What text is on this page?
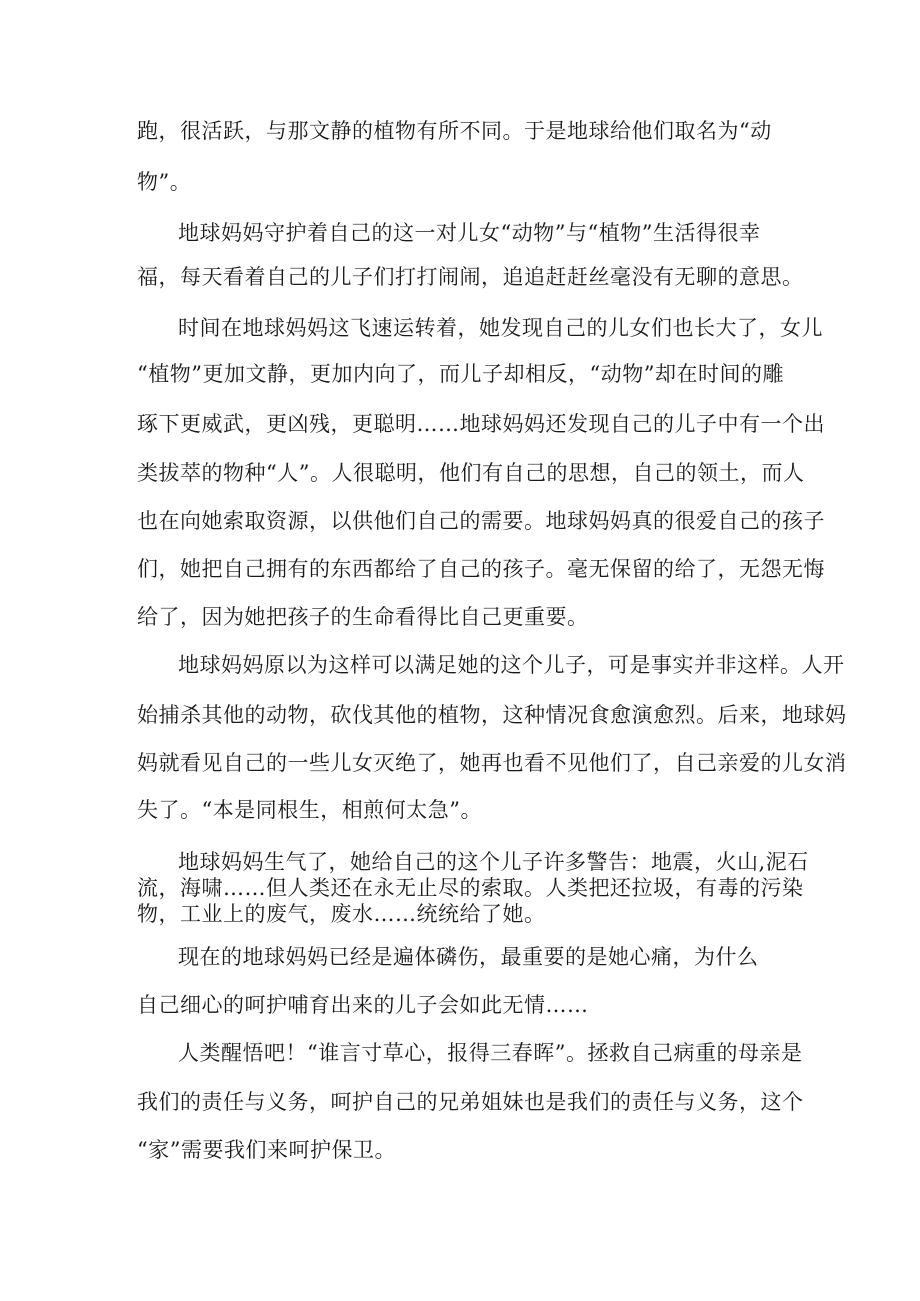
跑，很活跃，与那文静的植物有所不同。于是地球给他们取名为“动

物”。

地球妈妈守护着自己的这一对儿女“动物”与“植物”生活得很幸

福，每天看着自己的儿子们打打闹闹，追追赶赶丝毫没有无聊的意思。

时间在地球妈妈这飞速运转着，她发现自己的儿女们也长大了，女儿

“植物”更加文静，更加内向了，而儿子却相反，“动物”却在时间的雕

琢下更威武，更凶残，更聪明……地球妈妈还发现自己的儿子中有一个出

类拔萃的物种“人”。人很聪明，他们有自己的思想，自己的领土，而人

也在向她索取资源，以供他们自己的需要。地球妈妈真的很爱自己的孩子

们，她把自己拥有的东西都给了自己的孩子。毫无保留的给了，无怨无悔

给了，因为她把孩子的生命看得比自己更重要。

地球妈妈原以为这样可以满足她的这个儿子，可是事实并非这样。人开

始捕杀其他的动物，砍伐其他的植物，这种情况食愈演愈烈。后来，地球妈

妈就看见自己的一些儿女灭绝了，她再也看不见他们了，自己亲爱的儿女消

失了。“本是同根生，相煎何太急”。

地球妈妈生气了，她给自己的这个儿子许多警告：地震，火山,泥石

流，海啸……但人类还在永无止尽的索取。人类把还拉圾，有毒的污染

物，工业上的废气，废水……统统给了她。

现在的地球妈妈已经是遍体磷伤，最重要的是她心痛，为什么

自己细心的呵护哺育出来的儿子会如此无情……

人类醒悟吧！“谁言寸草心，报得三春晖”。拯救自己病重的母亲是

我们的责任与义务，呵护自己的兄弟姐妹也是我们的责任与义务，这个

“家”需要我们来呵护保卫。
